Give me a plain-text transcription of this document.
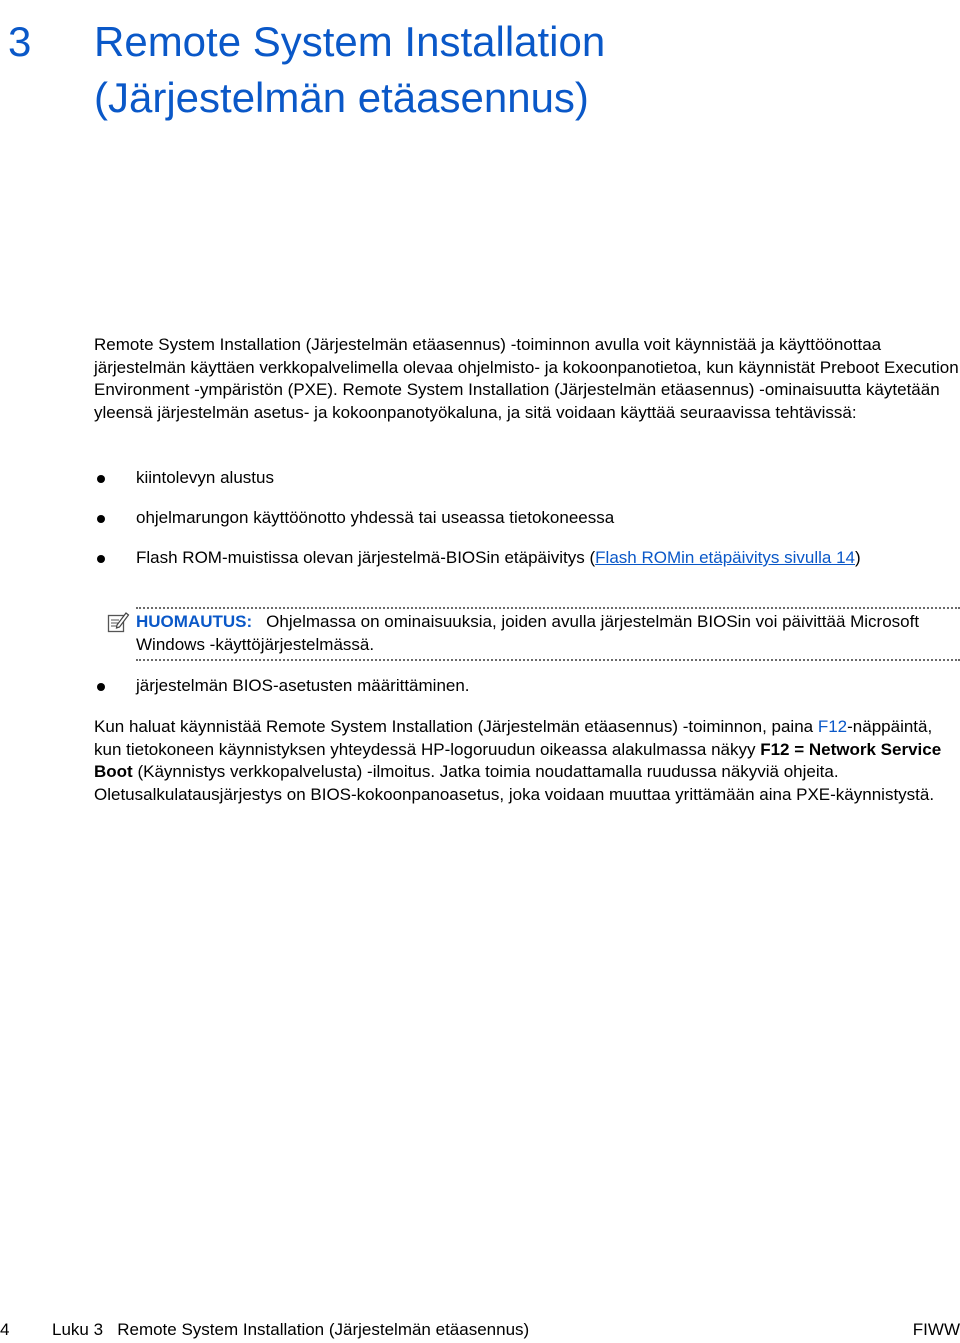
3 Remote System Installation
(Järjestelmän etäasennus)

Remote System Installation (Järjestelmän etäasennus) -toiminnon avulla voit käynnistää ja käyttöönottaa järjestelmän käyttäen verkkopalvelimella olevaa ohjelmisto- ja kokoonpanotietoa, kun käynnistät Preboot Execution Environment -ympäristön (PXE). Remote System Installation (Järjestelmän etäasennus) -ominaisuutta käytetään yleensä järjestelmän asetus- ja kokoonpanotyökaluna, ja sitä voidaan käyttää seuraavissa tehtävissä:

kiintolevyn alustus
ohjelmarungon käyttöönotto yhdessä tai useassa tietokoneessa
Flash ROM-muistissa olevan järjestelmä-BIOSin etäpäivitys (Flash ROMin etäpäivitys sivulla 14)
HUOMAUTUS: Ohjelmassa on ominaisuuksia, joiden avulla järjestelmän BIOSin voi päivittää Microsoft Windows -käyttöjärjestelmässä.
järjestelmän BIOS-asetusten määrittäminen.

Kun haluat käynnistää Remote System Installation (Järjestelmän etäasennus) -toiminnon, paina F12-näppäintä, kun tietokoneen käynnistyksen yhteydessä HP-logoruudun oikeassa alakulmassa näkyy F12 = Network Service Boot (Käynnistys verkkopalvelusta) -ilmoitus. Jatka toimia noudattamalla ruudussa näkyviä ohjeita. Oletusalkulatausjärjestys on BIOS-kokoonpanoasetus, joka voidaan muuttaa yrittämään aina PXE-käynnistystä.

4	Luku 3   Remote System Installation (Järjestelmän etäasennus)	FIWW
